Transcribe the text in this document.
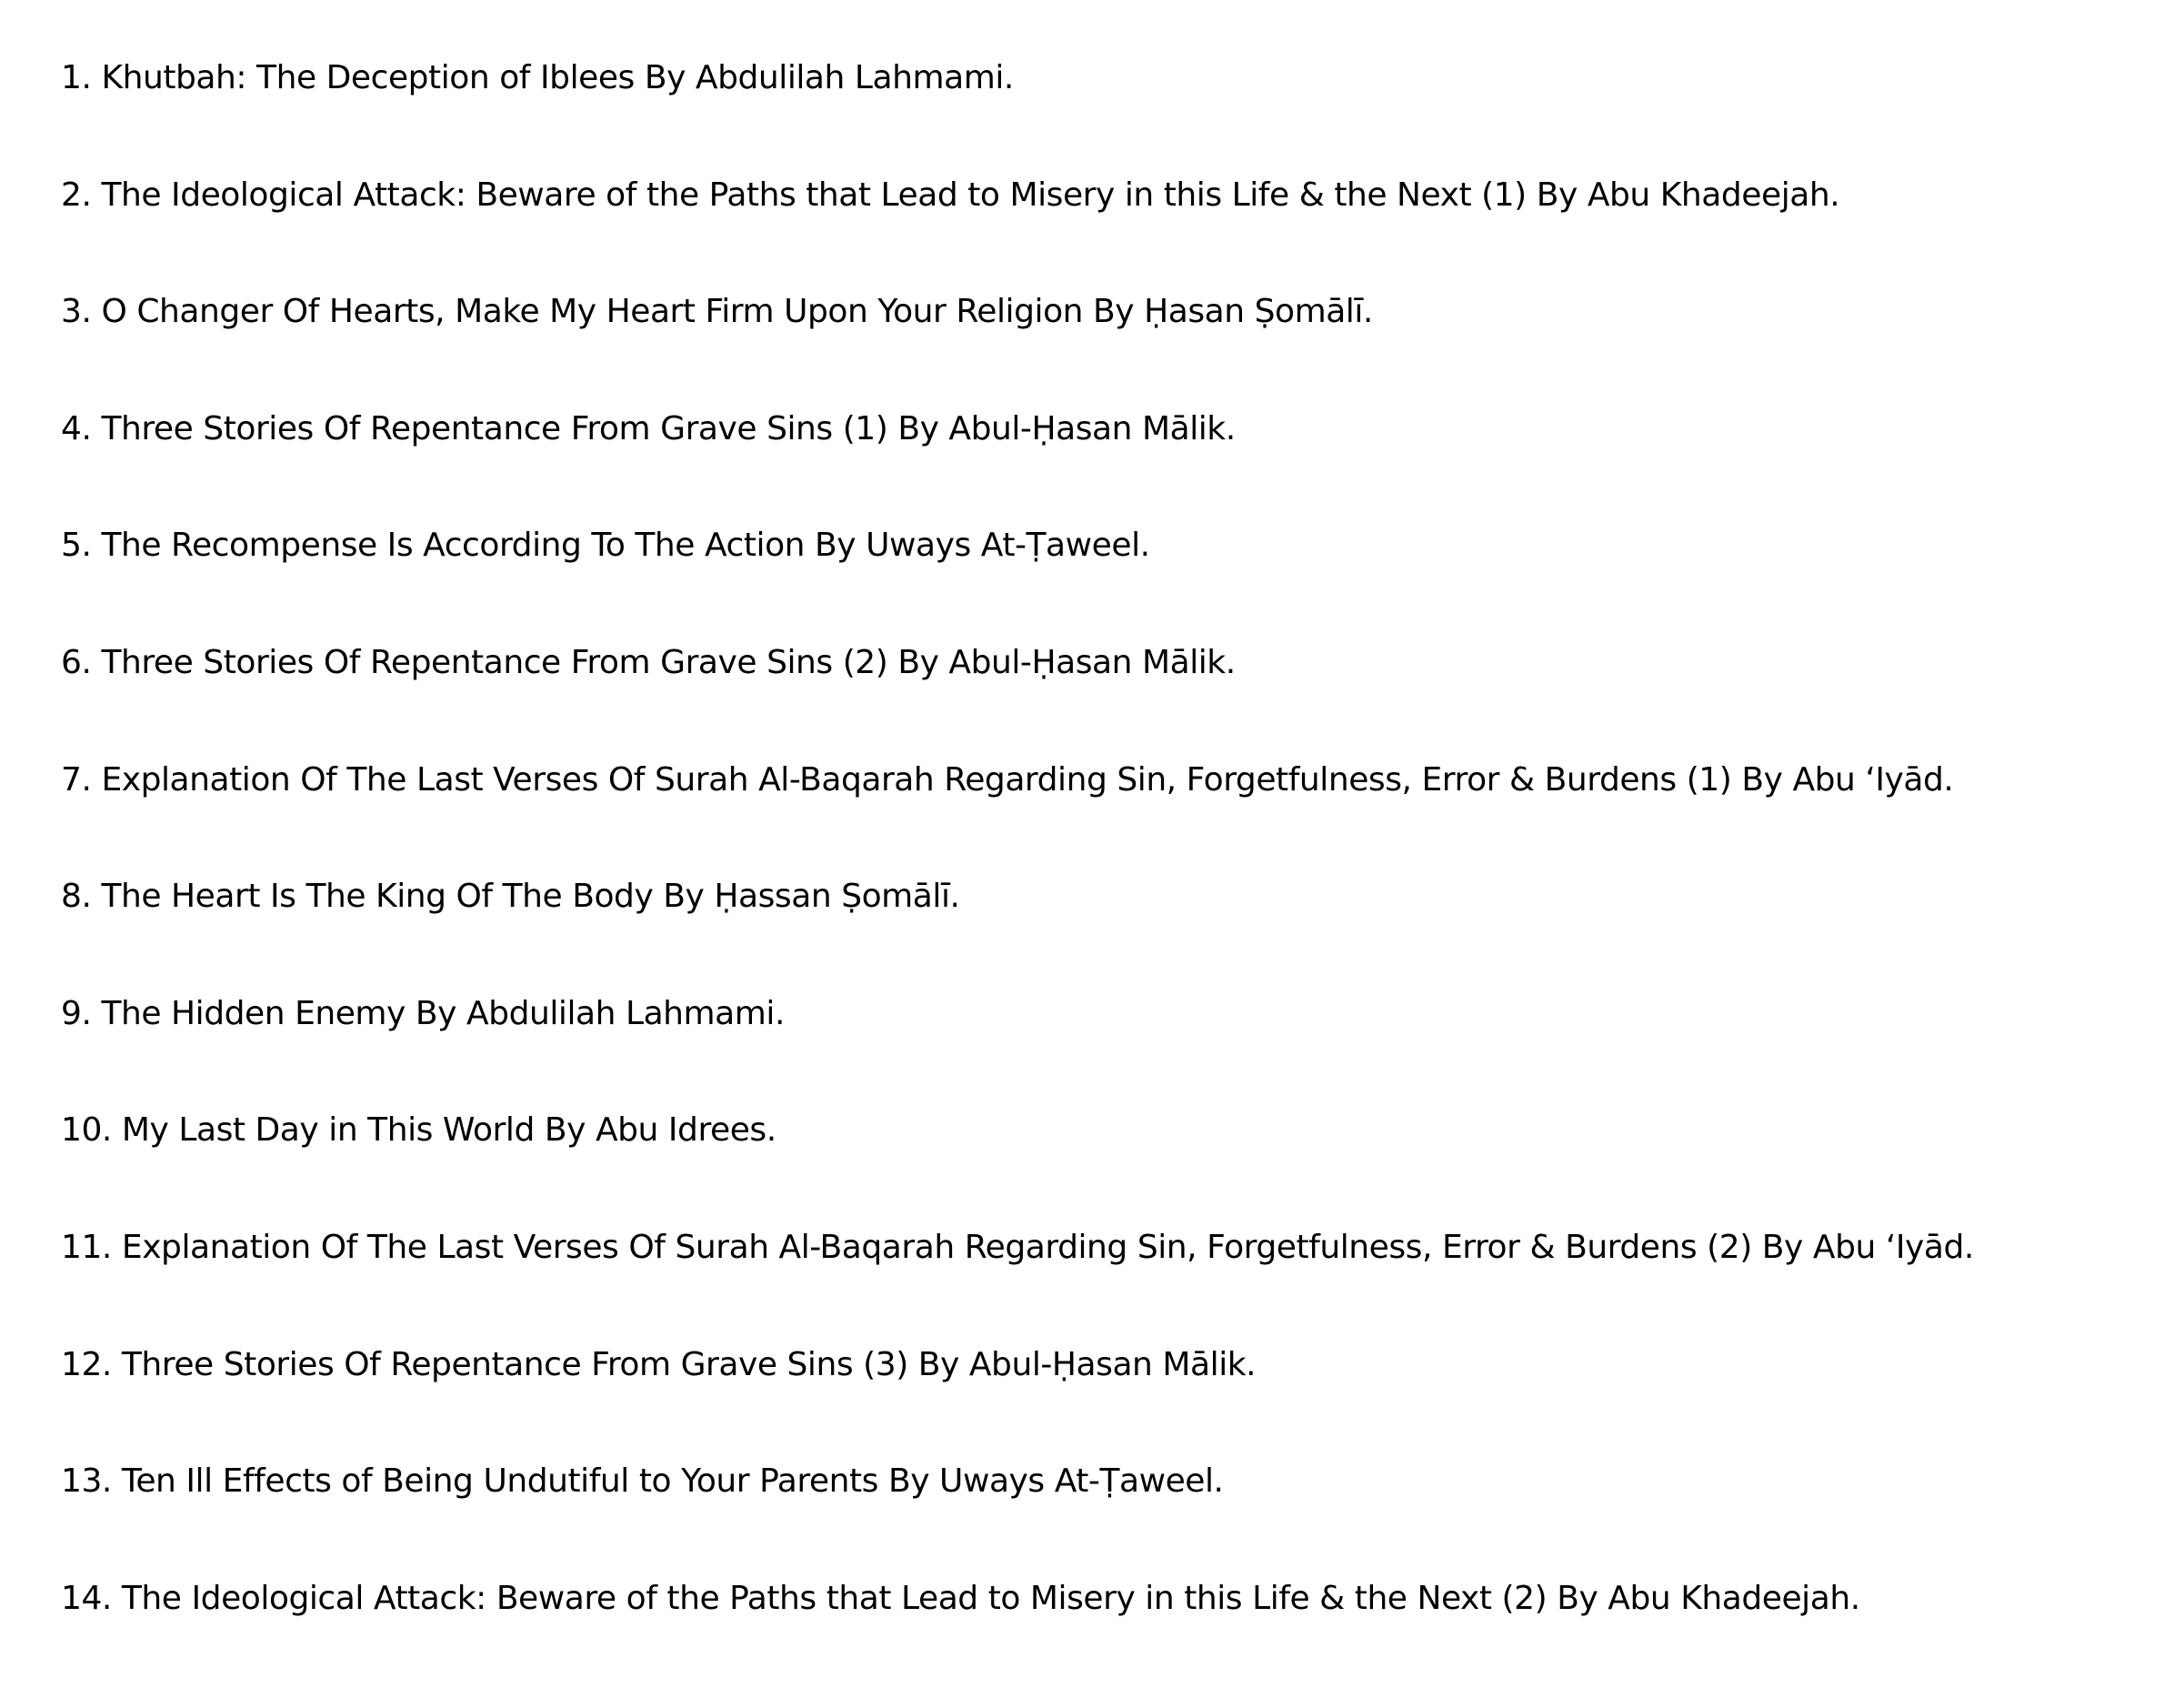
1. Khutbah: The Deception of Iblees By Abdulilah Lahmami.
2. The Ideological Attack: Beware of the Paths that Lead to Misery in this Life & the Next (1) By Abu Khadeejah.
3. O Changer Of Hearts, Make My Heart Firm Upon Your Religion By Ḥasan Ṣomālī.
4. Three Stories Of Repentance From Grave Sins (1) By Abul-Ḥasan Mālik.
5. The Recompense Is According To The Action By Uways At-Ṭaweel.
6. Three Stories Of Repentance From Grave Sins (2) By Abul-Ḥasan Mālik.
7. Explanation Of The Last Verses Of Surah Al-Baqarah Regarding Sin, Forgetfulness, Error & Burdens (1) By Abu ‘Iyād.
8. The Heart Is The King Of The Body By Ḥassan Ṣomālī.
9. The Hidden Enemy By Abdulilah Lahmami.
10. My Last Day in This World By Abu Idrees.
11. Explanation Of The Last Verses Of Surah Al-Baqarah Regarding Sin, Forgetfulness, Error & Burdens (2) By Abu ‘Iyād.
12. Three Stories Of Repentance From Grave Sins (3) By Abul-Ḥasan Mālik.
13. Ten Ill Effects of Being Undutiful to Your Parents By Uways At-Ṭaweel.
14. The Ideological Attack: Beware of the Paths that Lead to Misery in this Life & the Next (2) By Abu Khadeejah.
